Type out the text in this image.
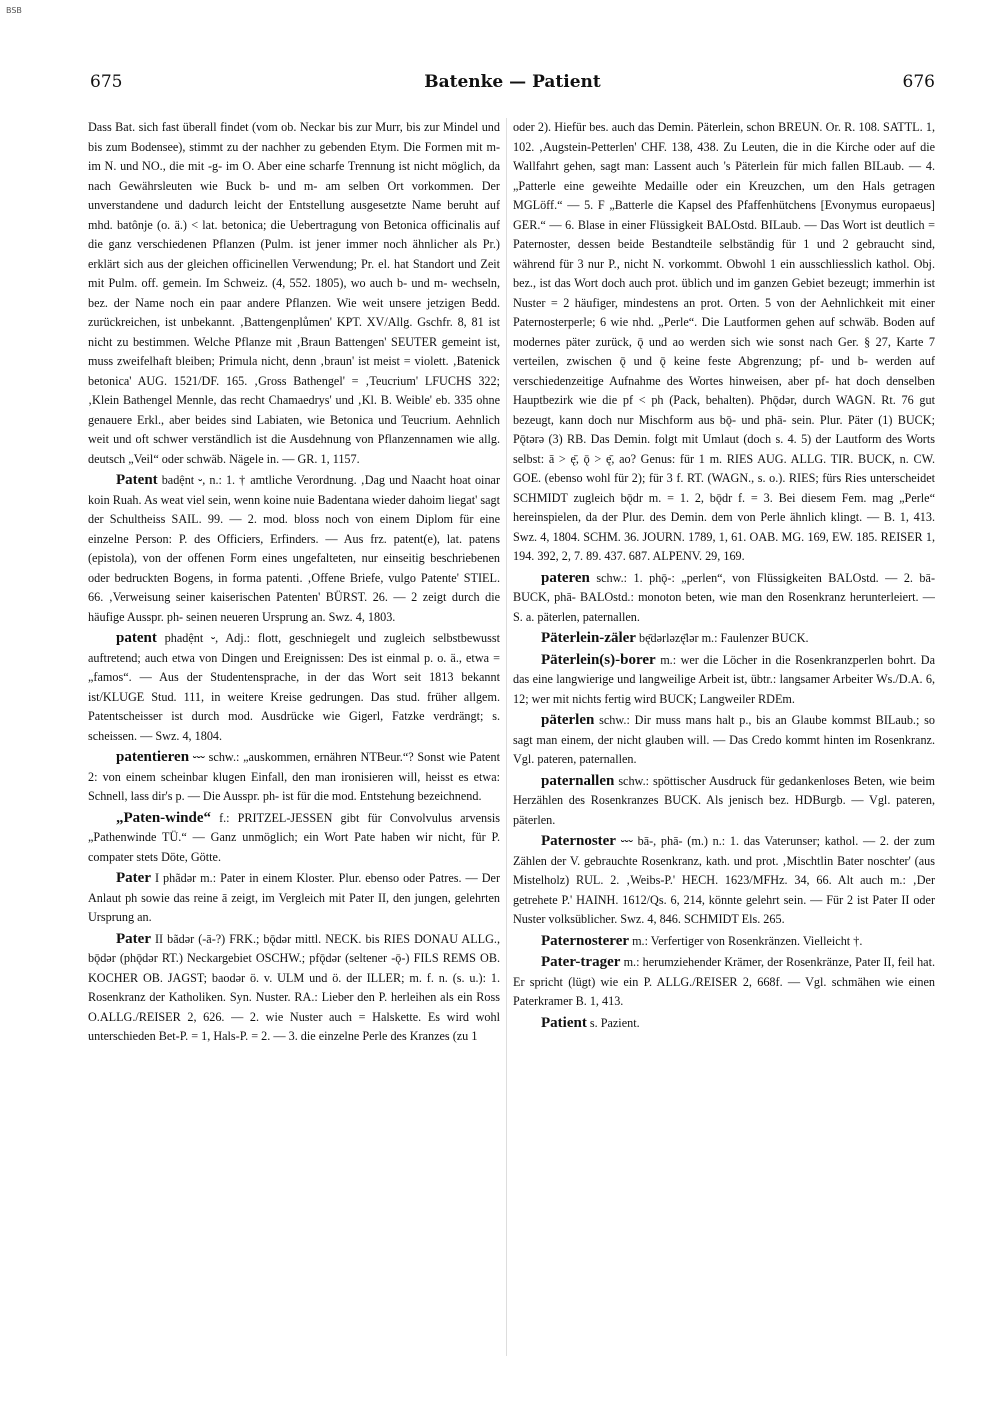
BSB
675	Batenke — Patient	676

Dass Bat. sich fast überall findet (vom ob. Neckar bis zur Murr, bis zur Mindel und bis zum Bodensee), stimmt zu der nachher zu gebenden Etym. Die Formen mit m- im N. und NO., die mit -g- im O. Aber eine scharfe Trennung ist nicht möglich, da nach Gewährsleuten wie Buck b- und m- am selben Ort vorkommen. Der unverstandene und dadurch leicht der Entstellung ausgesetzte Name beruht auf mhd. batônje (o. ä.) < lat. betonica; die Uebertragung von Betonica officinalis auf die ganz verschiedenen Pflanzen (Pulm. ist jener immer noch ähnlicher als Pr.) erklärt sich aus der gleichen officinellen Verwendung; Pr. el. hat Standort und Zeit mit Pulm. off. gemein. Im Schweiz. (4, 552. 1805), wo auch b- und m- wechseln, bez. der Name noch ein paar andere Pflanzen. Wie weit unsere jetzigen Bedd. zurückreichen, ist unbekannt. ‚Battengenplůmen' KPT. XV/Allg. Gschfr. 8, 81 ist nicht zu bestimmen. Welche Pflanze mit ‚Braun Battengen' SEUTER gemeint ist, muss zweifelhaft bleiben; Primula nicht, denn ‚braun' ist meist = violett. ‚Batenick betonica' AUG. 1521/DF. 165. ‚Gross Bathengel' = ‚Teucrium' LFUCHS 322; ‚Klein Bathengel Mennle, das recht Chamaedrys' und ‚Kl. B. Weible' eb. 335 ohne genauere Erkl., aber beides sind Labiaten, wie Betonica und Teucrium. Aehnlich weit und oft schwer verständlich ist die Ausdehnung von Pflanzennamen wie allg. deutsch „Veil“ oder schwäb. Nägele in. — GR. 1, 1157.

Patent badệnt ⏑, n.: 1. † amtliche Verordnung. ‚Dag und Naacht hoat oinar koin Ruah. As weat viel sein, wenn koine nuie Badentana wieder dahoim liegat' sagt der Schultheiss SAIL. 99. — 2. mod. bloss noch von einem Diplom für eine einzelne Person: P. des Officiers, Erfinders. — Aus frz. patent(e), lat. patens (epistola), von der offenen Form eines ungefalteten, nur einseitig beschriebenen oder bedruckten Bogens, in forma patenti. ‚Offene Briefe, vulgo Patente' STIEL. 66. ‚Verweisung seiner kaiserischen Patenten' BÜRST. 26. — 2 zeigt durch die häufige Ausspr. ph- seinen neueren Ursprung an. Swz. 4, 1803.

patent phadệnt ⏑, Adj.: flott, geschniegelt und zugleich selbstbewusst auftretend; auch etwa von Dingen und Ereignissen: Des ist einmal p. o. ä., etwa = „famos“. — Aus der Studentensprache, in der das Wort seit 1813 bekannt ist/KLUGE Stud. 111, in weitere Kreise gedrungen. Das stud. früher allgem. Patentscheisser ist durch mod. Ausdrücke wie Gigerl, Fatzke verdrängt; s. scheissen. — Swz. 4, 1804.

patentieren ⏑⏑⏑ schw.: „auskommen, ernähren NTBeur.“? Sonst wie Patent 2: von einem scheinbar klugen Einfall, den man ironisieren will, heisst es etwa: Schnell, lass dir's p. — Die Ausspr. ph- ist für die mod. Entstehung bezeichnend.

„Paten-winde“ f.: PRITZEL-JESSEN gibt für Convolvulus arvensis „Pathenwinde TÜ.“ — Ganz unmöglich; ein Wort Pate haben wir nicht, für P. compater stets Döte, Götte.

Pater I phãdər m.: Pater in einem Kloster. Plur. ebenso oder Patres. — Der Anlaut ph sowie das reine ā zeigt, im Vergleich mit Pater II, den jungen, gelehrten Ursprung an.

Pater II bãdər (-ā-?) FRK.; bǭdər mittl. NECK. bis RIES DONAU ALLG., bǭdər (phǭdər RT.) Neckargebiet OSCHW.; pfǭdər (seltener -ǭ-) FILS REMS OB. KOCHER OB. JAGST; baodər ö. v. ULM und ö. der ILLER; m. f. n. (s. u.): 1. Rosenkranz der Katholiken. Syn. Nuster. RA.: Lieber den P. herleihen als ein Ross O.ALLG./REISER 2, 626. — 2. wie Nuster auch = Halskette. Es wird wohl unterschieden Bet-P. = 1, Hals-P. = 2. — 3. die einzelne Perle des Kranzes (zu 1

oder 2). Hiefür bes. auch das Demin. Päterlein, schon BREUN. Or. R. 108. SATTL. 1, 102. ‚Augstein-Petterlen' CHF. 138, 438. Zu Leuten, die in die Kirche oder auf die Wallfahrt gehen, sagt man: Lassent auch 's Päterlein für mich fallen BILaub. — 4. „Patterle eine geweihte Medaille oder ein Kreuzchen, um den Hals getragen MGLöff.“ — 5. F „Batterle die Kapsel des Pfaffenhütchens [Evonymus europaeus] GER.“ — 6. Blase in einer Flüssigkeit BALOstd. BILaub. — Das Wort ist deutlich = Paternoster, dessen beide Bestandteile selbständig für 1 und 2 gebraucht sind, während für 3 nur P., nicht N. vorkommt. Obwohl 1 ein ausschliesslich kathol. Obj. bez., ist das Wort doch auch prot. üblich und im ganzen Gebiet bezeugt; immerhin ist Nuster = 2 häufiger, mindestens an prot. Orten. 5 von der Aehnlichkeit mit einer Paternosterperle; 6 wie nhd. „Perle“. Die Lautformen gehen auf schwäb. Boden auf modernes päter zurück, ǭ und ao werden sich wie sonst nach Ger. § 27, Karte 7 verteilen, zwischen ǭ und ǭ keine feste Abgrenzung; pf- und b- werden auf verschiedenzeitige Aufnahme des Wortes hinweisen, aber pf- hat doch denselben Hauptbezirk wie die pf < ph (Pack, behalten). Phǭdər, durch WAGN. Rt. 76 gut bezeugt, kann doch nur Mischform aus bǭ- und phā- sein. Plur. Päter (1) BUCK; Pǭtərə (3) RB. Das Demin. folgt mit Umlaut (doch s. 4. 5) der Lautform des Worts selbst: ā > ę̄, ǭ > ę̄, ao? Genus: für 1 m. RIES AUG. ALLG. TIR. BUCK, n. CW. GOE. (ebenso wohl für 2); für 3 f. RT. (WAGN., s. o.). RIES; fürs Ries unterscheidet SCHMIDT zugleich bǭdr m. = 1. 2, bǭdr f. = 3. Bei diesem Fem. mag „Perle“ hereinspielen, da der Plur. des Demin. dem von Perle ähnlich klingt. — B. 1, 413. Swz. 4, 1804. SCHM. 36. JOURN. 1789, 1, 61. OAB. MG. 169, EW. 185. REISER 1, 194. 392, 2, 7. 89. 437. 687. ALPENV. 29, 169.

pateren schw.: 1. phǭ-: „perlen“, von Flüssigkeiten BALOstd. — 2. bā- BUCK, phā- BALOstd.: monoton beten, wie man den Rosenkranz herunterleiert. — S. a. päterlen, paternallen.

Päterlein-zäler bę̄dərləzę̄lər m.: Faulenzer BUCK.

Päterlein(s)-borer m.: wer die Löcher in die Rosenkranzperlen bohrt. Da das eine langwierige und langweilige Arbeit ist, übtr.: langsamer Arbeiter Ws./D.A. 6, 12; wer mit nichts fertig wird BUCK; Langweiler RDEm.

päterlen schw.: Dir muss mans halt p., bis an Glaube kommst BILaub.; so sagt man einem, der nicht glauben will. — Das Credo kommt hinten im Rosenkranz. Vgl. pateren, paternallen.

paternallen schw.: spöttischer Ausdruck für gedankenloses Beten, wie beim Herzählen des Rosenkranzes BUCK. Als jenisch bez. HDBurgb. — Vgl. pateren, päterlen.

Paternoster ⏑⏑⏑ bā-, phā- (m.) n.: 1. das Vaterunser; kathol. — 2. der zum Zählen der V. gebrauchte Rosenkranz, kath. und prot. ‚Mischtlin Bater noschter' (aus Mistelholz) RUL. 2. ‚Weibs-P.' HECH. 1623/MFHz. 34, 66. Alt auch m.: ‚Der getrehete P.' HAINH. 1612/Qs. 6, 214, könnte gelehrt sein. — Für 2 ist Pater II oder Nuster volksüblicher. Swz. 4, 846. SCHMIDT Els. 265.

Paternosterer m.: Verfertiger von Rosenkränzen. Vielleicht †.

Pater-trager m.: herumziehender Krämer, der Rosenkränze, Pater II, feil hat. Er spricht (lügt) wie ein P. ALLG./REISER 2, 668f. — Vgl. schmähen wie einen Paterkramer B. 1, 413.

Patient s. Pazient.
